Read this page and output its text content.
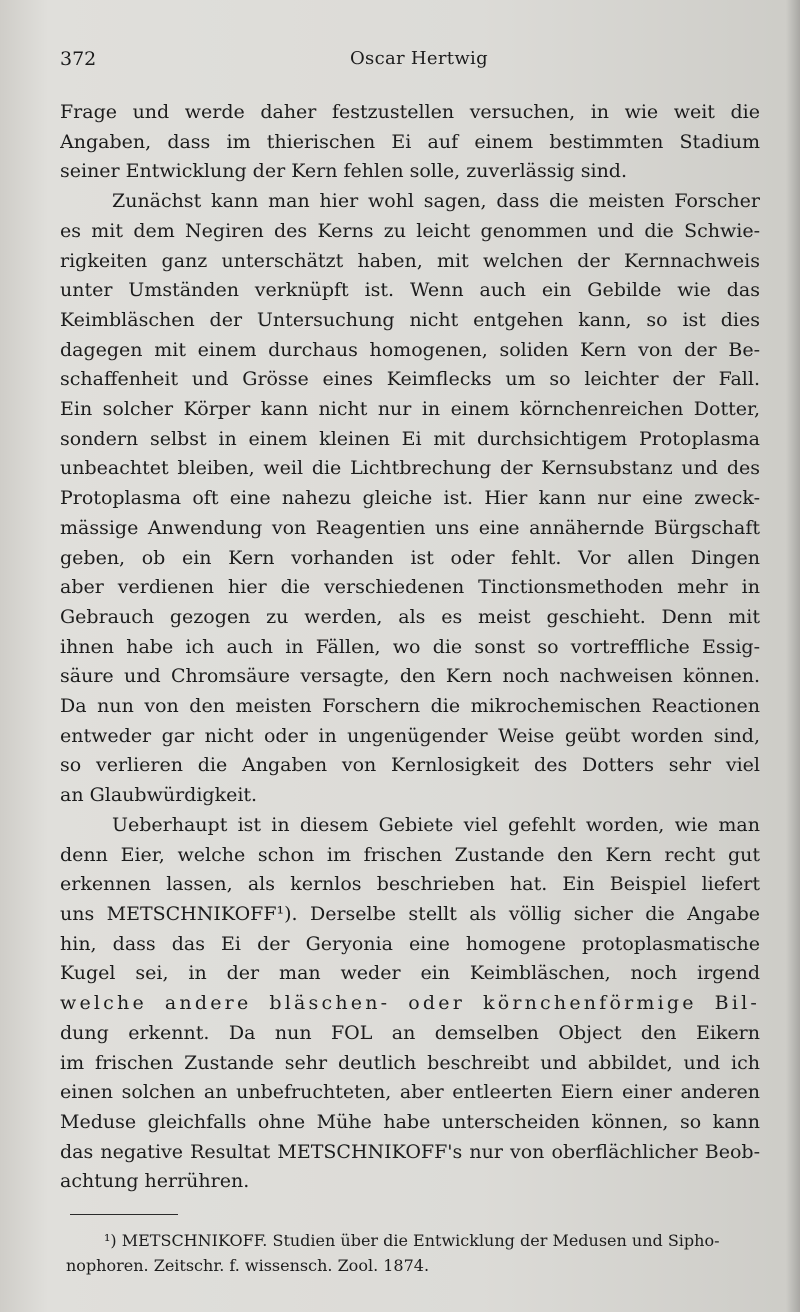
372	Oscar Hertwig
Frage und werde daher festzustellen versuchen, in wie weit die
Angaben, dass im thierischen Ei auf einem bestimmten Stadium
seiner Entwicklung der Kern fehlen solle, zuverlässig sind.
Zunächst kann man hier wohl sagen, dass die meisten Forscher
es mit dem Negiren des Kerns zu leicht genommen und die Schwie-
rigkeiten ganz unterschätzt haben, mit welchen der Kernnachweis
unter Umständen verknüpft ist. Wenn auch ein Gebilde wie das
Keimbläschen der Untersuchung nicht entgehen kann, so ist dies
dagegen mit einem durchaus homogenen, soliden Kern von der Be-
schaffenheit und Grösse eines Keimflecks um so leichter der Fall.
Ein solcher Körper kann nicht nur in einem körnchenreichen Dotter,
sondern selbst in einem kleinen Ei mit durchsichtigem Protoplasma
unbeachtet bleiben, weil die Lichtbrechung der Kernsubstanz und des
Protoplasma oft eine nahezu gleiche ist. Hier kann nur eine zweck-
mässige Anwendung von Reagentien uns eine annähernde Bürgschaft
geben, ob ein Kern vorhanden ist oder fehlt. Vor allen Dingen
aber verdienen hier die verschiedenen Tinctionsmethoden mehr in
Gebrauch gezogen zu werden, als es meist geschieht. Denn mit
ihnen habe ich auch in Fällen, wo die sonst so vortreffliche Essig-
säure und Chromsäure versagte, den Kern noch nachweisen können.
Da nun von den meisten Forschern die mikrochemischen Reactionen
entweder gar nicht oder in ungenügender Weise geübt worden sind,
so verlieren die Angaben von Kernlosigkeit des Dotters sehr viel
an Glaubwürdigkeit.
Ueberhaupt ist in diesem Gebiete viel gefehlt worden, wie man
denn Eier, welche schon im frischen Zustande den Kern recht gut
erkennen lassen, als kernlos beschrieben hat. Ein Beispiel liefert
uns METSCHNIKOFF¹). Derselbe stellt als völlig sicher die Angabe
hin, dass das Ei der Geryonia eine homogene protoplasmatische
Kugel sei, in der man weder ein Keimbläschen, noch irgend
welche andere bläschen- oder körnchenförmige Bil-
dung erkennt. Da nun FOL an demselben Object den Eikern
im frischen Zustande sehr deutlich beschreibt und abbildet, und ich
einen solchen an unbefruchteten, aber entleerten Eiern einer anderen
Meduse gleichfalls ohne Mühe habe unterscheiden können, so kann
das negative Resultat METSCHNIKOFF's nur von oberflächlicher Beob-
achtung herrühren.
¹) METSCHNIKOFF. Studien über die Entwicklung der Medusen und Sipho-
nophoren. Zeitschr. f. wissensch. Zool. 1874.
